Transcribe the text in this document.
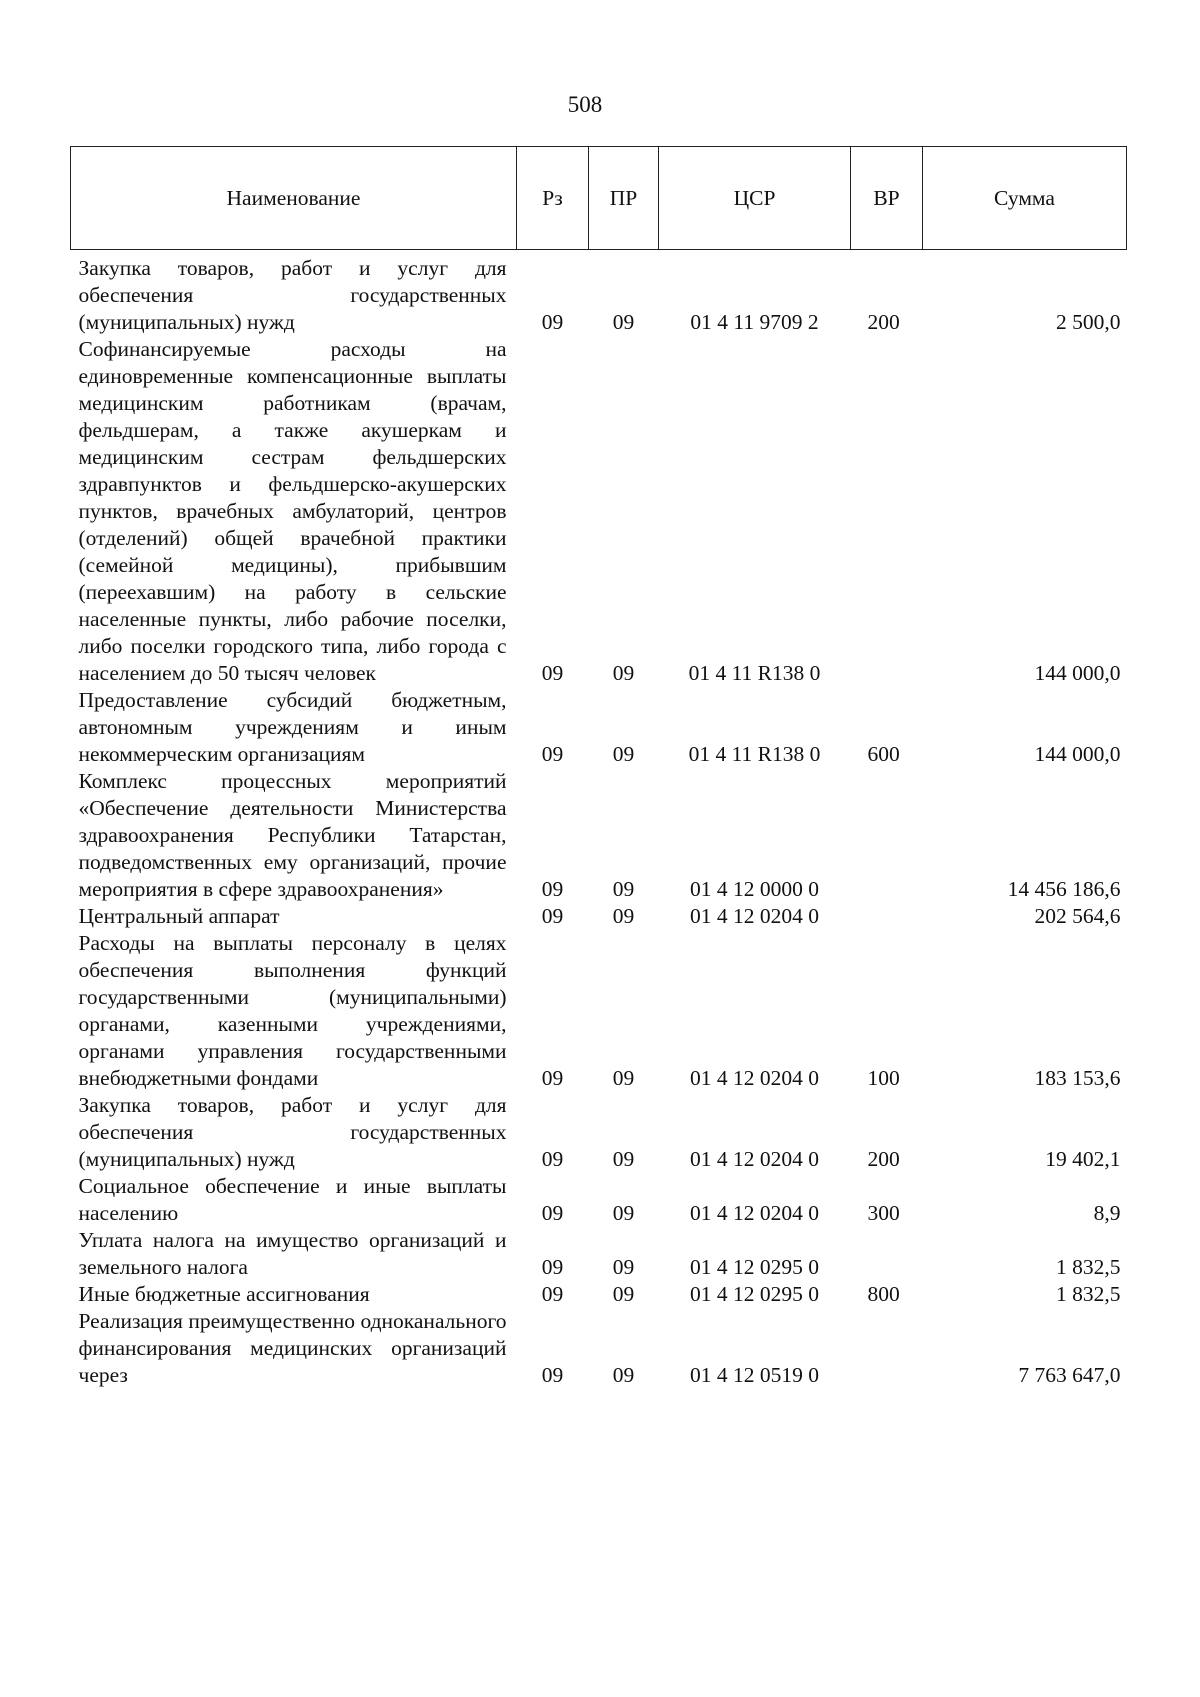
508
Наименование	Рз	ПР	ЦСР	ВР	Сумма
Закупка товаров, работ и услуг для обеспечения государственных (муниципальных) нужд	09	09	01 4 11 9709 2	200	2 500,0
Софинансируемые расходы на единовременные компенсационные выплаты медицинским работникам (врачам, фельдшерам, а также акушеркам и медицинским сестрам фельдшерских здравпунктов и фельдшерско-акушерских пунктов, врачебных амбулаторий, центров (отделений) общей врачебной практики (семейной медицины), прибывшим (переехавшим) на работу в сельские населенные пункты, либо рабочие поселки, либо поселки городского типа, либо города с населением до 50 тысяч человек	09	09	01 4 11 R138 0		144 000,0
Предоставление субсидий бюджетным, автономным учреждениям и иным некоммерческим организациям	09	09	01 4 11 R138 0	600	144 000,0
Комплекс процессных мероприятий «Обеспечение деятельности Министерства здравоохранения Республики Татарстан, подведомственных ему организаций, прочие мероприятия в сфере здравоохранения»	09	09	01 4 12 0000 0		14 456 186,6
Центральный аппарат	09	09	01 4 12 0204 0		202 564,6
Расходы на выплаты персоналу в целях обеспечения выполнения функций государственными (муниципальными) органами, казенными учреждениями, органами управления государственными внебюджетными фондами	09	09	01 4 12 0204 0	100	183 153,6
Закупка товаров, работ и услуг для обеспечения государственных (муниципальных) нужд	09	09	01 4 12 0204 0	200	19 402,1
Социальное обеспечение и иные выплаты населению	09	09	01 4 12 0204 0	300	8,9
Уплата налога на имущество организаций и земельного налога	09	09	01 4 12 0295 0		1 832,5
Иные бюджетные ассигнования	09	09	01 4 12 0295 0	800	1 832,5
Реализация преимущественно одноканального финансирования медицинских организаций через	09	09	01 4 12 0519 0		7 763 647,0
